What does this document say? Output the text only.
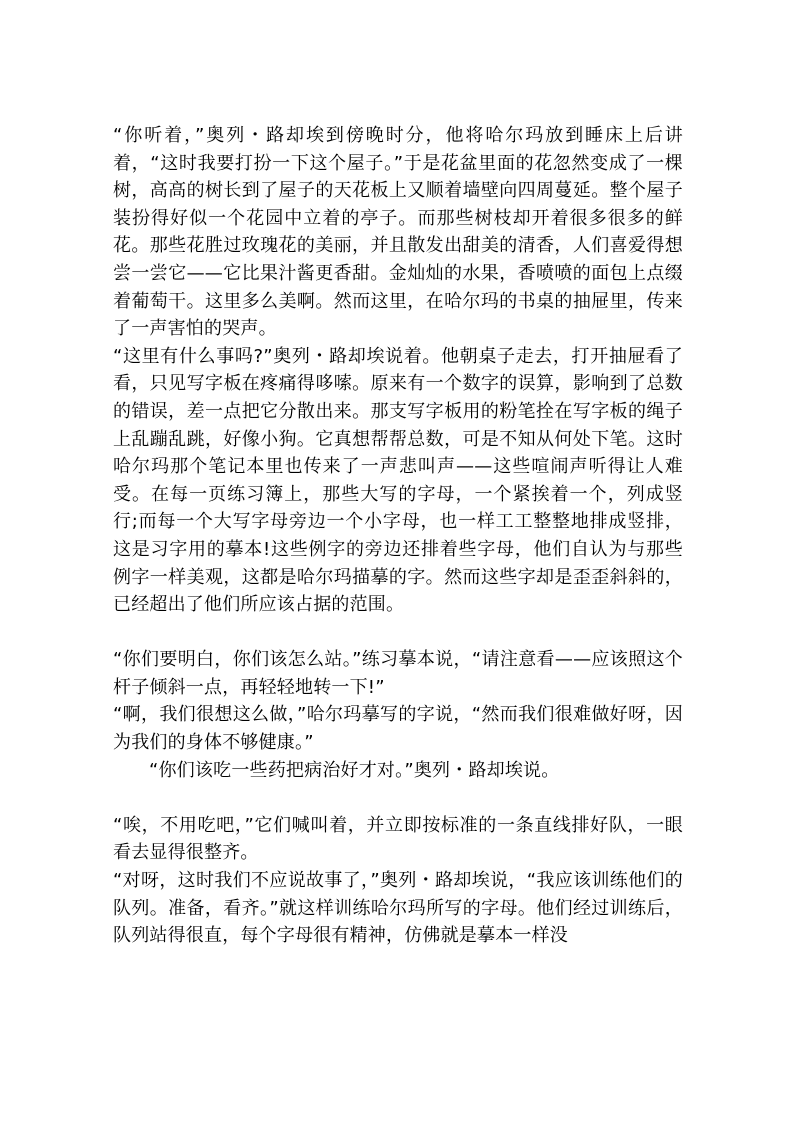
“你听着，”奥列・路却埃到傍晚时分，他将哈尔玛放到睡床上后讲着，“这时我要打扮一下这个屋子。”于是花盆里面的花忽然变成了一棵树，高高的树长到了屋子的天花板上又顺着墙壁向四周蔓延。整个屋子装扮得好似一个花园中立着的亭子。而那些树枝却开着很多很多的鲜花。那些花胜过玫瑰花的美丽，并且散发出甜美的清香，人们喜爱得想尝一尝它——它比果汁酱更香甜。金灿灿的水果，香喷喷的面包上点缀着葡萄干。这里多么美啊。然而这里，在哈尔玛的书桌的抽屉里，传来了一声害怕的哭声。

“这里有什么事吗?”奥列・路却埃说着。他朝桌子走去，打开抽屉看了看，只见写字板在疼痛得哆嗦。原来有一个数字的误算，影响到了总数的错误，差一点把它分散出来。那支写字板用的粉笔拴在写字板的绳子上乱蹦乱跳，好像小狗。它真想帮帮总数，可是不知从何处下笔。这时哈尔玛那个笔记本里也传来了一声悲叫声——这些喧闹声听得让人难受。在每一页练习簿上，那些大写的字母，一个紧挨着一个，列成竖行;而每一个大写字母旁边一个小字母，也一样工工整整地排成竖排，这是习字用的摹本!这些例字的旁边还排着些字母，他们自认为与那些例字一样美观，这都是哈尔玛描摹的字。然而这些字却是歪歪斜斜的，已经超出了他们所应该占据的范围。

“你们要明白，你们该怎么站。”练习摹本说，“请注意看——应该照这个杆子倾斜一点，再轻轻地转一下!”

“啊，我们很想这么做，”哈尔玛摹写的字说，“然而我们很难做好呀，因为我们的身体不够健康。”

“你们该吃一些药把病治好才对。”奥列・路却埃说。

“唉，不用吃吧，”它们喊叫着，并立即按标准的一条直线排好队，一眼看去显得很整齐。

“对呀，这时我们不应说故事了，”奥列・路却埃说，“我应该训练他们的队列。准备，看齐。”就这样训练哈尔玛所写的字母。他们经过训练后，队列站得很直，每个字母很有精神，仿佛就是摹本一样没
